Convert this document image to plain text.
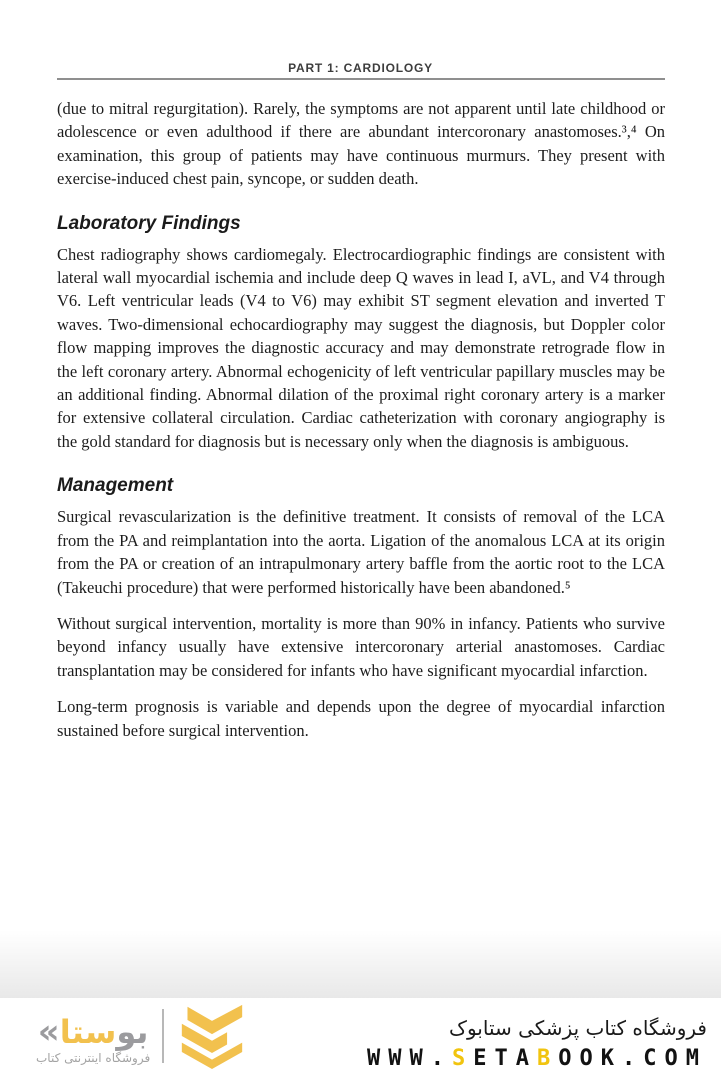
PART 1: CARDIOLOGY

(due to mitral regurgitation). Rarely, the symptoms are not apparent until late childhood or adolescence or even adulthood if there are abundant intercoronary anastomoses.³,⁴ On examination, this group of patients may have continuous murmurs. They present with exercise-induced chest pain, syncope, or sudden death.

Laboratory Findings

Chest radiography shows cardiomegaly. Electrocardiographic findings are consistent with lateral wall myocardial ischemia and include deep Q waves in lead I, aVL, and V4 through V6. Left ventricular leads (V4 to V6) may exhibit ST segment elevation and inverted T waves. Two-dimensional echocardiography may suggest the diagnosis, but Doppler color flow mapping improves the diagnostic accuracy and may demonstrate retrograde flow in the left coronary artery. Abnormal echogenicity of left ventricular papillary muscles may be an additional finding. Abnormal dilation of the proximal right coronary artery is a marker for extensive collateral circulation. Cardiac catheterization with coronary angiography is the gold standard for diagnosis but is necessary only when the diagnosis is ambiguous.

Management

Surgical revascularization is the definitive treatment. It consists of removal of the LCA from the PA and reimplantation into the aorta. Ligation of the anomalous LCA at its origin from the PA or creation of an intrapulmonary artery baffle from the aortic root to the LCA (Takeuchi procedure) that were performed historically have been abandoned.⁵

Without surgical intervention, mortality is more than 90% in infancy. Patients who survive beyond infancy usually have extensive intercoronary arterial anastomoses. Cardiac transplantation may be considered for infants who have significant myocardial infarction.

Long-term prognosis is variable and depends upon the degree of myocardial infarction sustained before surgical intervention.

« بوستا
فروشگاه اینترنتی کتاب
فروشگاه کتاب پزشکی ستابوک
WWW.SETABOOK.COM
